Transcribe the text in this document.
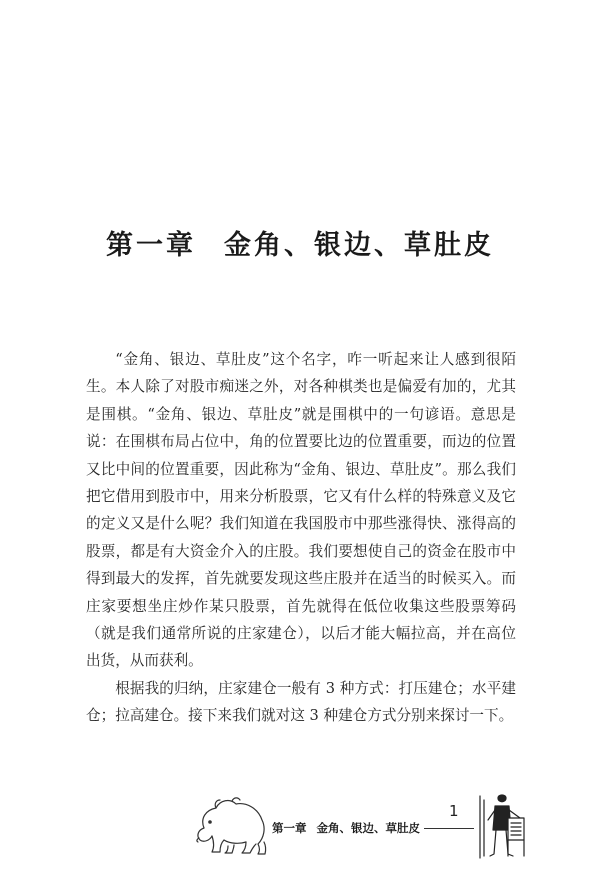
第一章 金角、银边、草肚皮

“金角、银边、草肚皮”这个名字，咋一听起来让人感到很陌生。本人除了对股市痴迷之外，对各种棋类也是偏爱有加的，尤其是围棋。“金角、银边、草肚皮”就是围棋中的一句谚语。意思是说：在围棋布局占位中，角的位置要比边的位置重要，而边的位置又比中间的位置重要，因此称为“金角、银边、草肚皮”。那么我们把它借用到股市中，用来分析股票，它又有什么样的特殊意义及它的定义又是什么呢？我们知道在我国股市中那些涨得快、涨得高的股票，都是有大资金介入的庄股。我们要想使自己的资金在股市中得到最大的发挥，首先就要发现这些庄股并在适当的时候买入。而庄家要想坐庄炒作某只股票，首先就得在低位收集这些股票筹码（就是我们通常所说的庄家建仓），以后才能大幅拉高，并在高位出货，从而获利。

根据我的归纳，庄家建仓一般有 3 种方式：打压建仓；水平建仓；拉高建仓。接下来我们就对这 3 种建仓方式分别来探讨一下。

第一章 金角、银边、草肚皮
1
